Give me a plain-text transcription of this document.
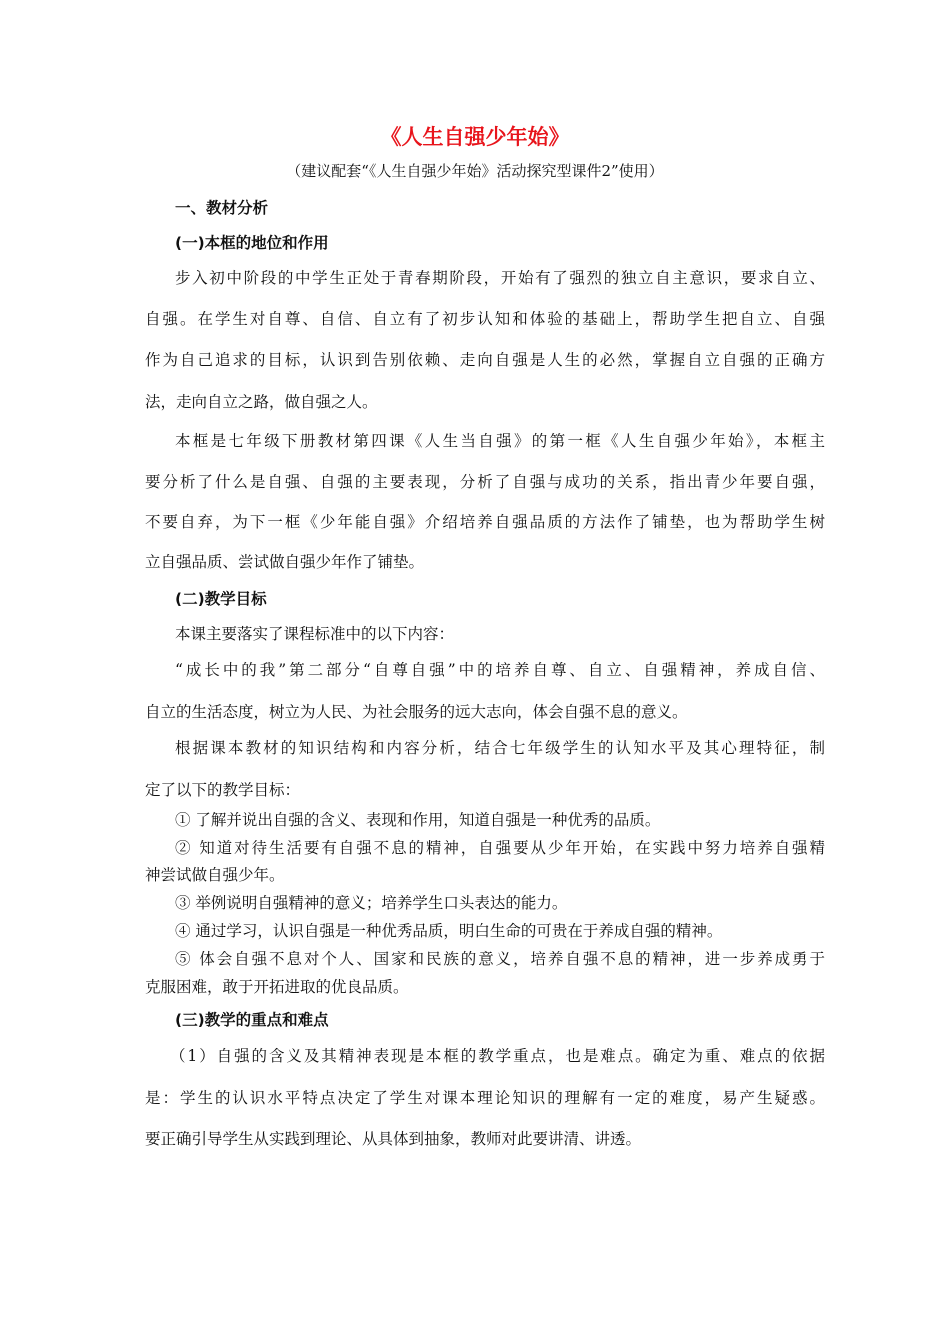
《人生自强少年始》
（建议配套“《人生自强少年始》活动探究型课件2”使用）
一、教材分析
(一)本框的地位和作用
步入初中阶段的中学生正处于青春期阶段，开始有了强烈的独立自主意识，要求自立、
自强。在学生对自尊、自信、自立有了初步认知和体验的基础上，帮助学生把自立、自强
作为自己追求的目标，认识到告别依赖、走向自强是人生的必然，掌握自立自强的正确方
法，走向自立之路，做自强之人。
本框是七年级下册教材第四课《人生当自强》的第一框《人生自强少年始》，本框主
要分析了什么是自强、自强的主要表现，分析了自强与成功的关系，指出青少年要自强，
不要自弃，为下一框《少年能自强》介绍培养自强品质的方法作了铺垫，也为帮助学生树
立自强品质、尝试做自强少年作了铺垫。
(二)教学目标
本课主要落实了课程标准中的以下内容：
“成长中的我”第二部分“自尊自强”中的培养自尊、自立、自强精神，养成自信、
自立的生活态度，树立为人民、为社会服务的远大志向，体会自强不息的意义。
根据课本教材的知识结构和内容分析，结合七年级学生的认知水平及其心理特征，制
定了以下的教学目标：
① 了解并说出自强的含义、表现和作用，知道自强是一种优秀的品质。
② 知道对待生活要有自强不息的精神，自强要从少年开始，在实践中努力培养自强精
神尝试做自强少年。
③ 举例说明自强精神的意义；培养学生口头表达的能力。
④ 通过学习，认识自强是一种优秀品质，明白生命的可贵在于养成自强的精神。
⑤ 体会自强不息对个人、国家和民族的意义，培养自强不息的精神，进一步养成勇于
克服困难，敢于开拓进取的优良品质。
(三)教学的重点和难点
（1）自强的含义及其精神表现是本框的教学重点，也是难点。确定为重、难点的依据
是：学生的认识水平特点决定了学生对课本理论知识的理解有一定的难度，易产生疑惑。
要正确引导学生从实践到理论、从具体到抽象，教师对此要讲清、讲透。
